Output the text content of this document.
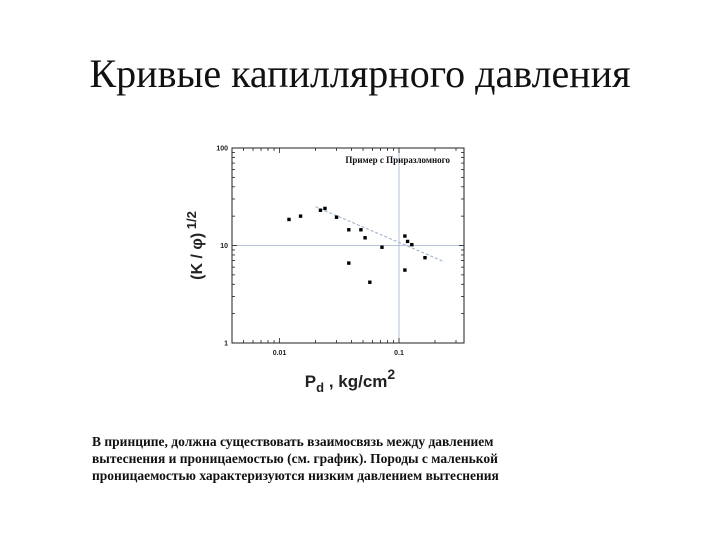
Кривые капиллярного давления
0.01	0.1
1
10
100
Пример с Приразломного
$P_d$ , $kg/cm^2$
(K / φ) $^{1/2}$
В принципе, должна существовать взаимосвязь между давлением
вытеснения и проницаемостью (см. график). Породы с маленькой
проницаемостью характеризуются низким давлением вытеснения
